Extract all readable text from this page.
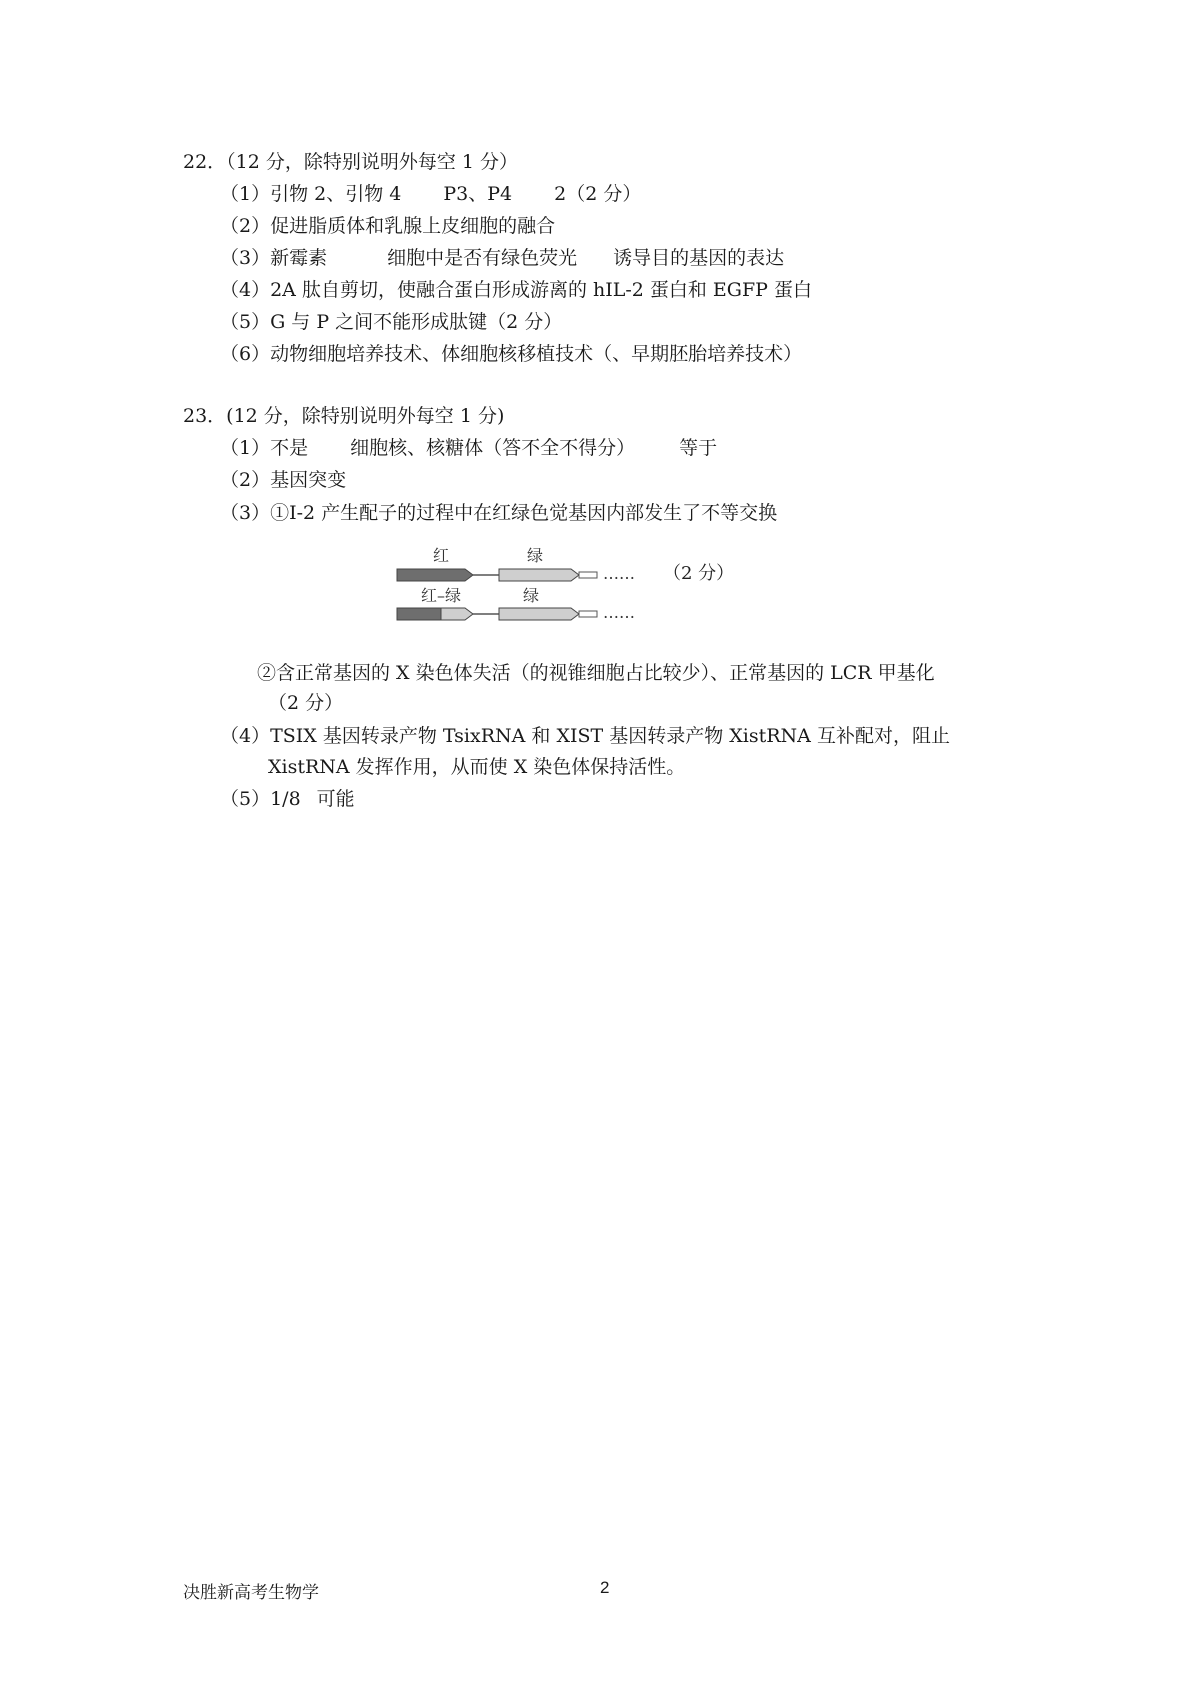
22．（12 分，除特别说明外每空 1 分）
（1）引物 2、引物 4 P3、P4 2（2 分）
（2）促进脂质体和乳腺上皮细胞的融合
（3）新霉素	细胞中是否有绿色荧光 诱导目的基因的表达
（4）2A 肽自剪切，使融合蛋白形成游离的 hIL-2 蛋白和 EGFP 蛋白
（5）G 与 P 之间不能形成肽键（2 分）
（6）动物细胞培养技术、体细胞核移植技术（、早期胚胎培养技术）
23．(12 分，除特别说明外每空 1 分)
（1）不是 细胞核、核糖体（答不全不得分） 等于
（2）基因突变
（3）①I-2 产生配子的过程中在红绿色觉基因内部发生了不等交换
红	绿
…… （2 分）
红–绿	绿
……
②含正常基因的 X 染色体失活（的视锥细胞占比较少）、正常基因的 LCR 甲基化
（2 分）
（4）TSIX 基因转录产物 TsixRNA 和 XIST 基因转录产物 XistRNA 互补配对，阻止
XistRNA 发挥作用，从而使 X 染色体保持活性。
（5）1/8 可能
决胜新高考生物学	2
